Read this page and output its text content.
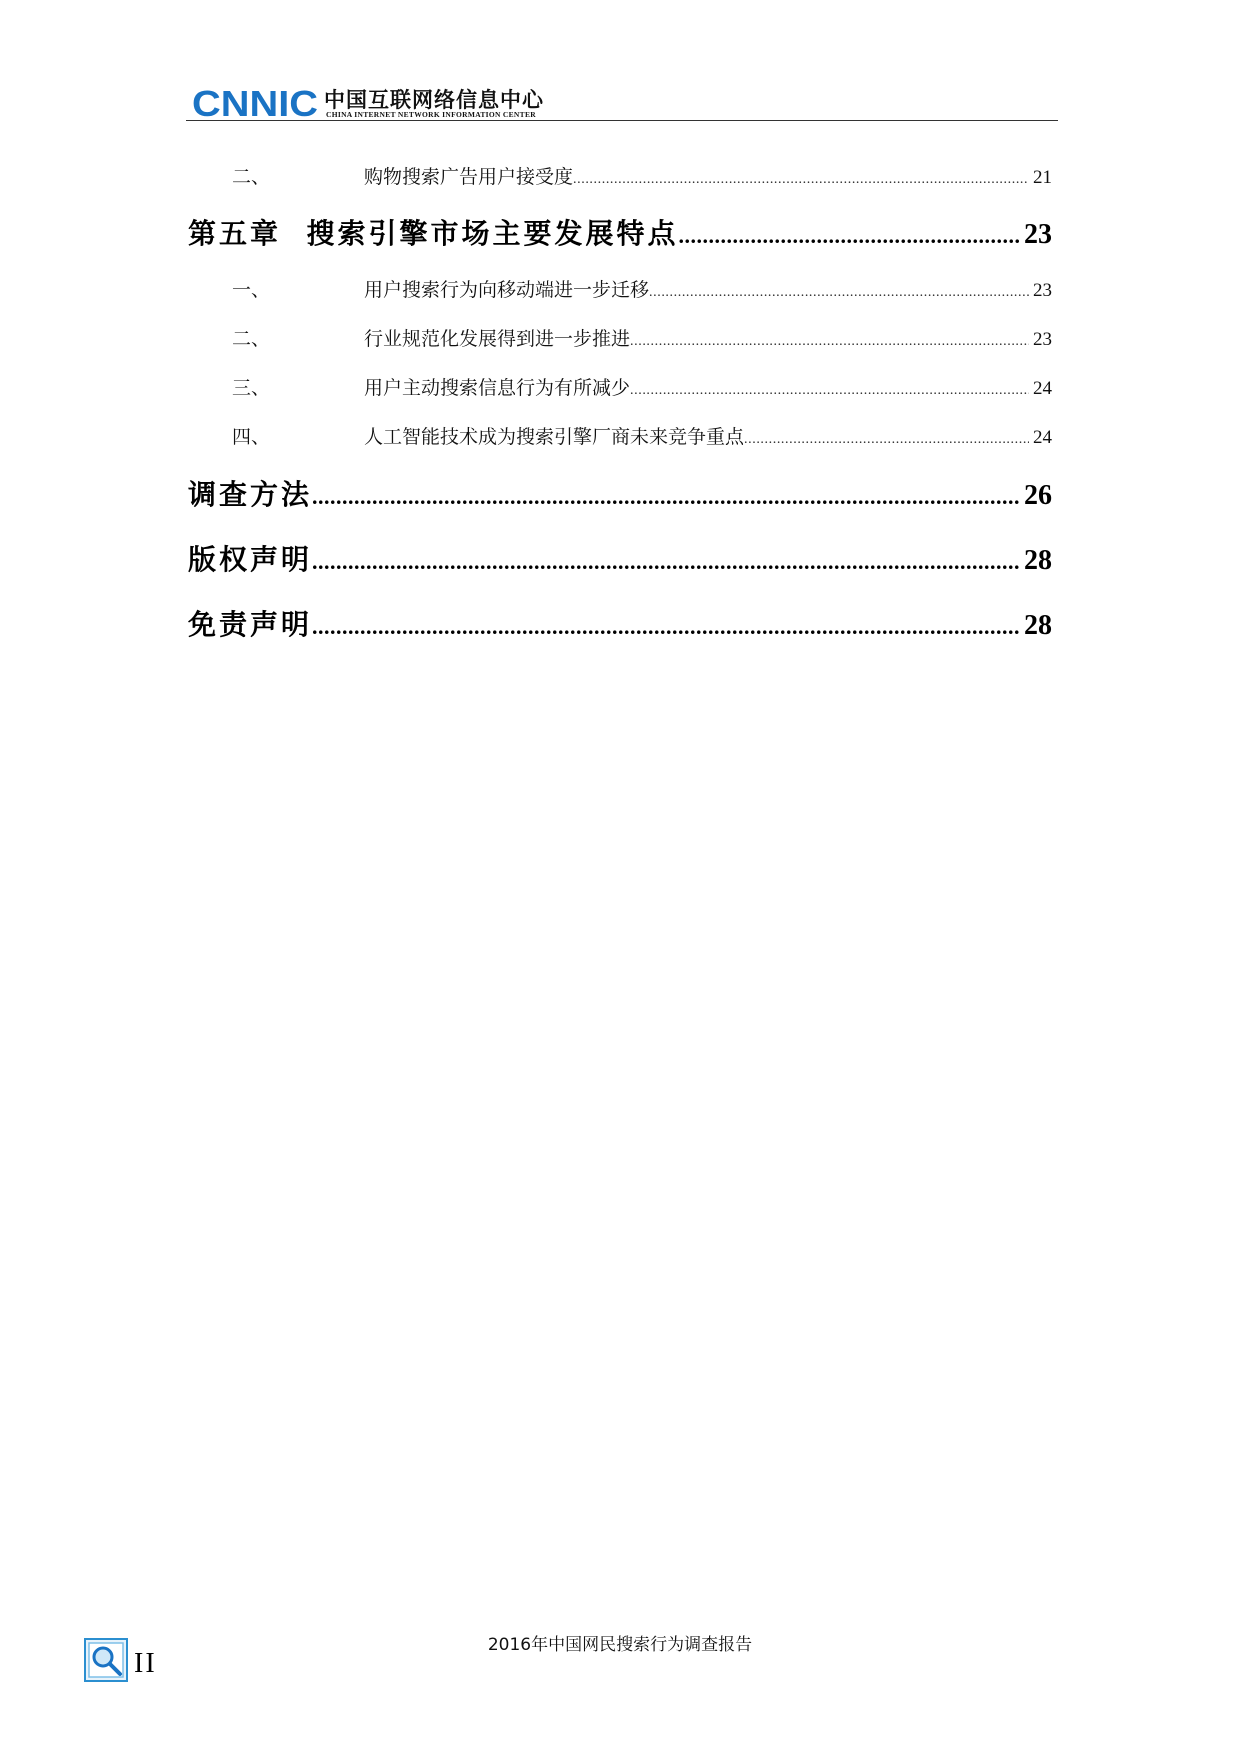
CNNIC 中国互联网络信息中心
CHINA INTERNET NETWORK INFORMATION CENTER
二、	购物搜索广告用户接受度 .....	21
第五章  搜索引擎市场主要发展特点 .....	23
一、	用户搜索行为向移动端进一步迁移 .....	23
二、	行业规范化发展得到进一步推进 .....	23
三、	用户主动搜索信息行为有所减少 .....	24
四、	人工智能技术成为搜索引擎厂商未来竞争重点 .....	24
调查方法 .....	26
版权声明 .....	28
免责声明 .....	28
2016年中国网民搜索行为调查报告
II
